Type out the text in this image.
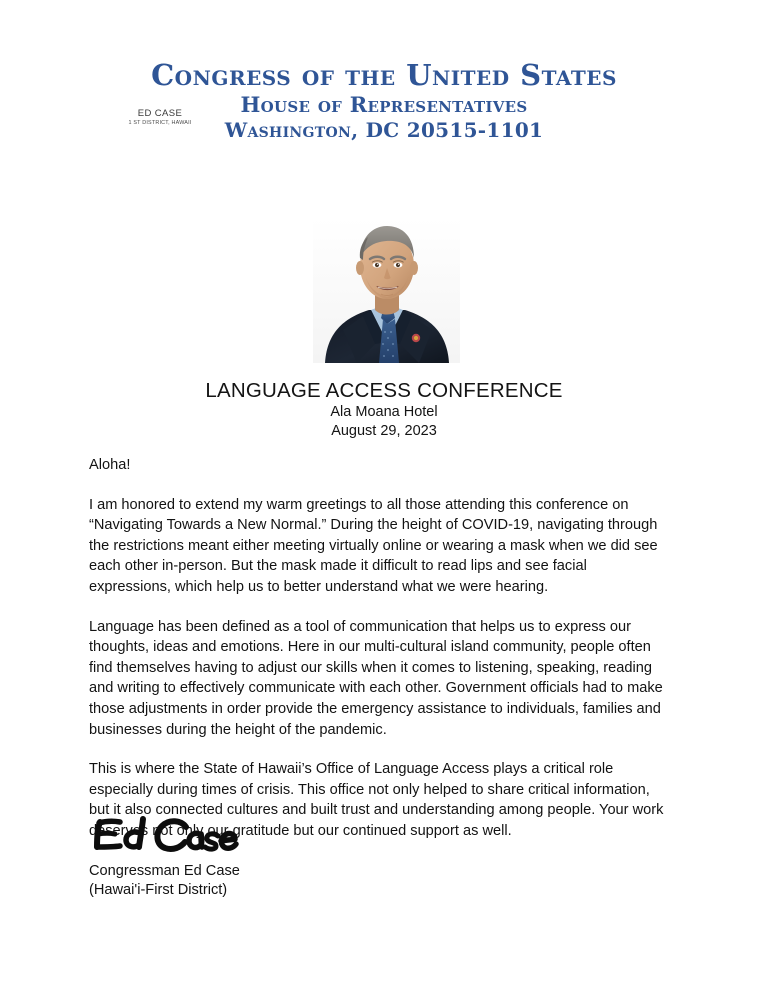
Congress of the United States
House of Representatives
Washington, DC 20515-1101
ED CASE
1 ST DISTRICT, HAWAII
LANGUAGE ACCESS CONFERENCE
Ala Moana Hotel
August 29, 2023

Aloha!

I am honored to extend my warm greetings to all those attending this conference on “Navigating Towards a New Normal.” During the height of COVID-19, navigating through the restrictions meant either meeting virtually online or wearing a mask when we did see each other in-person. But the mask made it difficult to read lips and see facial expressions, which help us to better understand what we were hearing.

Language has been defined as a tool of communication that helps us to express our thoughts, ideas and emotions. Here in our multi-cultural island community, people often find themselves having to adjust our skills when it comes to listening, speaking, reading and writing to effectively communicate with each other. Government officials had to make those adjustments in order provide the emergency assistance to individuals, families and businesses during the height of the pandemic.

This is where the State of Hawaii’s Office of Language Access plays a critical role especially during times of crisis. This office not only helped to share critical information, but it also connected cultures and built trust and understanding among people. Your work deserves not only our gratitude but our continued support as well.

Congressman Ed Case
(Hawai'i-First District)
